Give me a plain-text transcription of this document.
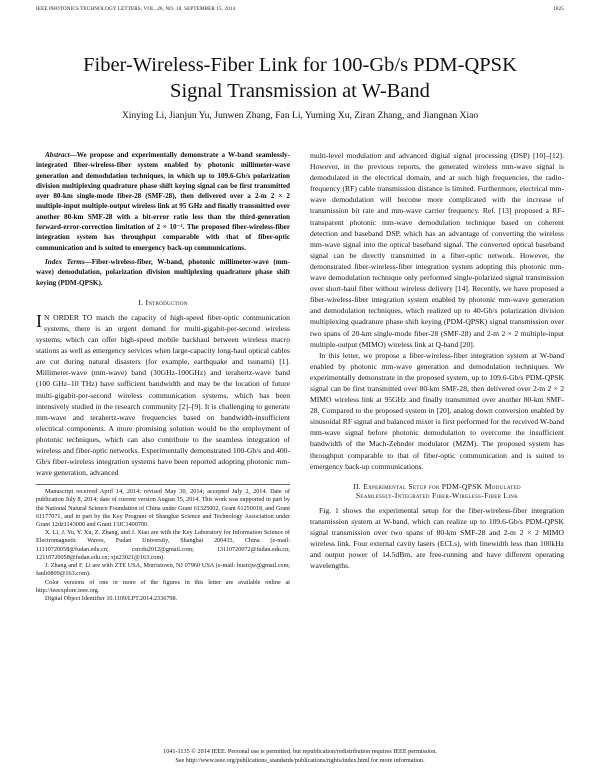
IEEE PHOTONICS TECHNOLOGY LETTERS, VOL. 26, NO. 18, SEPTEMBER 15, 2014	1825
Fiber-Wireless-Fiber Link for 100-Gb/s PDM-QPSK
Signal Transmission at W-Band
Xinying Li, Jianjun Yu, Junwen Zhang, Fan Li, Yuming Xu, Ziran Zhang, and Jiangnan Xiao

Abstract—We propose and experimentally demonstrate a W-band seamlessly-integrated fiber-wireless-fiber system enabled by photonic millimeter-wave generation and demodulation techniques, in which up to 109.6-Gb/s polarization division multiplexing quadrature phase shift keying signal can be first transmitted over 80-km single-mode fiber-28 (SMF-28), then delivered over a 2-m 2 × 2 multiple-input multiple-output wireless link at 95 GHz and finally transmitted over another 80-km SMF-28 with a bit-error ratio less than the third-generation forward-error-correction limitation of 2 × 10⁻². The proposed fiber-wireless-fiber integration system has throughput comparable with that of fiber-optic communication and is suited to emergency back-up communications.

Index Terms—Fiber-wireless-fiber, W-band, photonic millimeter-wave (mm-wave) demodulation, polarization division multiplexing quadrature phase shift keying (PDM-QPSK).

I. Introduction

I N ORDER TO match the capacity of high-speed fiber-optic communication systems, there is an urgent demand for multi-gigabit-per-second wireless systems, which can offer high-speed mobile backhaul between wireless macro stations as well as emergency services when large-capacity long-haul optical cables are cut during natural disasters (for example, earthquake and tsunami) [1]. Millimeter-wave (mm-wave) band (30GHz-100GHz) and terahertz-wave band (100 GHz–10 THz) have sufficient bandwidth and may be the location of future multi-gigabit-per-second wireless communication systems, which has been intensively studied in the research community [2]–[9]. It is challenging to generate mm-wave and terahertz-wave frequencies based on bandwidth-insufficient electrical components. A more promising solution would be the employment of photonic techniques, which can also contribute to the seamless integration of wireless and fiber-optic networks. Experimentally demonstrated 100-Gb/s and 400-Gb/s fiber-wireless integration systems have been reported adopting photonic mm-wave generation, advanced

Manuscript received April 14, 2014; revised May 30, 2014; accepted July 2, 2014. Date of publication July 8, 2014; date of current version August 15, 2014. This work was supported in part by the National Natural Science Foundation of China under Grant 61325002, Grant 61250018, and Grant 61177071, and in part by the Key Program of Shanghai Science and Technology Association under Grant 12dz1143000 and Grant 13JC1400700.

X. Li, J. Yu, Y. Xu, Z. Zhang, and J. Xiao are with the Key Laboratory for Information Science of Electromagnetic Waves, Fudan University, Shanghai 200433, China (e-mail: 11110720058@fudan.edu.cn; csrcdu2012@gmail.com; 13110720072@fudan.edu.cn; 12110720058@fudan.edu.cn; xjn23021@163.com).

J. Zhang and F. Li are with ZTE USA, Morristown, NJ 07960 USA (e-mail: hustzjw@gmail.com; fanli0809@163.com).

Color versions of one or more of the figures in this letter are available online at http://ieeexplore.ieee.org.

Digital Object Identifier 10.1109/LPT.2014.2336798.

multi-level modulation and advanced digital signal processing (DSP) [10]–[12]. However, in the previous reports, the generated wireless mm-wave signal is demodulated in the electrical domain, and at such high frequencies, the radio-frequency (RF) cable transmission distance is limited. Furthermore, electrical mm-wave demodulation will become more complicated with the increase of transmission bit rate and mm-wave carrier frequency. Ref. [13] proposed a RF-transparent photonic mm-wave demodulation technique based on coherent detection and baseband DSP, which has an advantage of converting the wireless mm-wave signal into the optical baseband signal. The converted optical baseband signal can be directly transmitted in a fiber-optic network. However, the demonstrated fiber-wireless-fiber integration system adopting this photonic mm-wave demodulation technique only performed single-polarized signal transmission over short-haul fiber without wireless delivery [14]. Recently, we have proposed a fiber-wireless-fiber integration system enabled by photonic mm-wave generation and demodulation techniques, which realized up to 40-Gb/s polarization division multiplexing quadrature phase shift keying (PDM-QPSK) signal transmission over two spans of 20-km single-mode fiber-28 (SMF-28) and 2-m 2 × 2 multiple-input multiple-output (MIMO) wireless link at Q-band [20].

In this letter, we propose a fiber-wireless-fiber integration system at W-band enabled by photonic mm-wave generation and demodulation techniques. We experimentally demonstrate in the proposed system, up to 109.6-Gb/s PDM-QPSK signal can be first transmitted over 80-km SMF-28, then delivered over 2-m 2 × 2 MIMO wireless link at 95GHz and finally transmitted over another 80-km SMF-28. Compared to the proposed system in [20], analog down conversion enabled by sinusoidal RF signal and balanced mixer is first performed for the received W-band mm-wave signal before photonic demodulation to overcome the insufficient bandwidth of the Mach-Zehnder modulator (MZM). The proposed system has throughput comparable to that of fiber-optic communication and is suited to emergency back-up communications.

II. Experimental Setup for PDM-QPSK Modulated
Seamlessly-Integrated Fiber-Wireless-Fiber Link

Fig. 1 shows the experimental setup for the fiber-wireless-fiber integration transmission system at W-band, which can realize up to 109.6-Gb/s PDM-QPSK signal transmission over two spans of 80-km SMF-28 and 2-m 2 × 2 MIMO wireless link. Four external cavity lasers (ECLs), with linewidth less than 100kHz and output power of 14.5dBm, are free-running and have different operating wavelengths.

1041-1135 © 2014 IEEE. Personal use is permitted, but republication/redistribution requires IEEE permission.
See http://www.ieee.org/publications_standards/publications/rights/index.html for more information.
